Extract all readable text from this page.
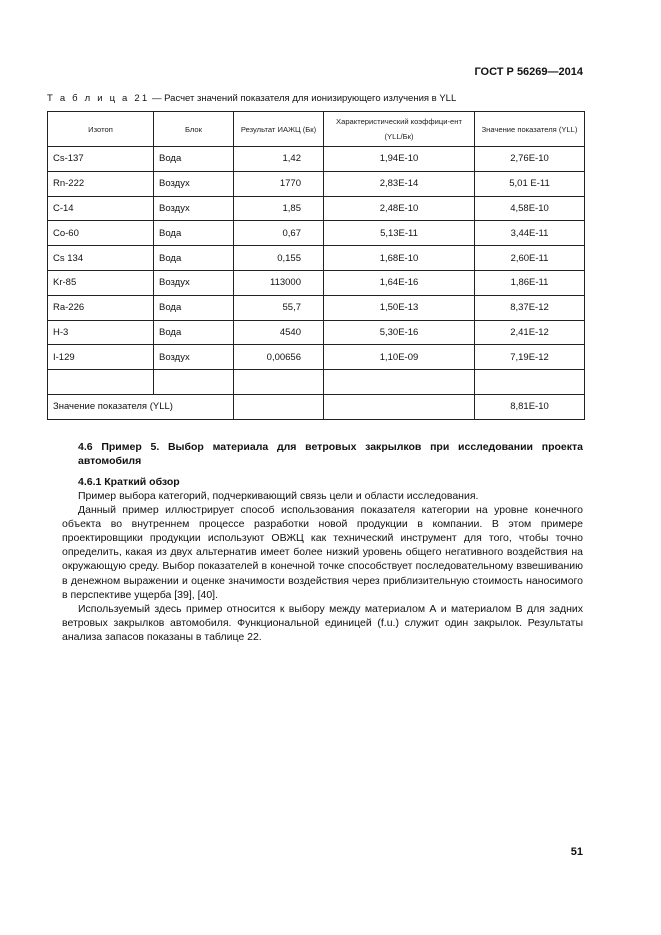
ГОСТ Р 56269—2014
Т а б л и ц а 21 — Расчет значений показателя для ионизирующего излучения в YLL
Изотоп	Блок	Результат ИАЖЦ (Бк)	Характеристический коэффици-ент (YLL/Бк)	Значение показателя (YLL)
Cs-137	Вода	1,42	1,94E-10	2,76E-10
Rn-222	Воздух	1770	2,83E-14	5,01 E-11
C-14	Воздух	1,85	2,48E-10	4,58E-10
Co-60	Вода	0,67	5,13E-11	3,44E-11
Cs 134	Вода	0,155	1,68E-10	2,60E-11
Kr-85	Воздух	113000	1,64E-16	1,86E-11
Ra-226	Вода	55,7	1,50E-13	8,37E-12
H-3	Вода	4540	5,30E-16	2,41E-12
I-129	Воздух	0,00656	1,10E-09	7,19E-12

Значение показателя (YLL)				8,81E-10
4.6 Пример 5. Выбор материала для ветровых закрылков при исследовании проекта автомобиля
4.6.1 Краткий обзор

Пример выбора категорий, подчеркивающий связь цели и области исследования.

Данный пример иллюстрирует способ использования показателя категории на уровне конечного объекта во внутреннем процессе разработки новой продукции в компании. В этом примере проектировщики продукции используют ОВЖЦ как технический инструмент для того, чтобы точно определить, какая из двух альтернатив имеет более низкий уровень общего негативного воздействия на окружающую среду. Выбор показателей в конечной точке способствует последовательному взвешиванию в денежном выражении и оценке значимости воздействия через приблизительную стоимость наносимого в перспективе ущерба [39], [40].

Используемый здесь пример относится к выбору между материалом А и материалом В для задних ветровых закрылков автомобиля. Функциональной единицей (f.u.) служит один закрылок. Результаты анализа запасов показаны в таблице 22.

51
